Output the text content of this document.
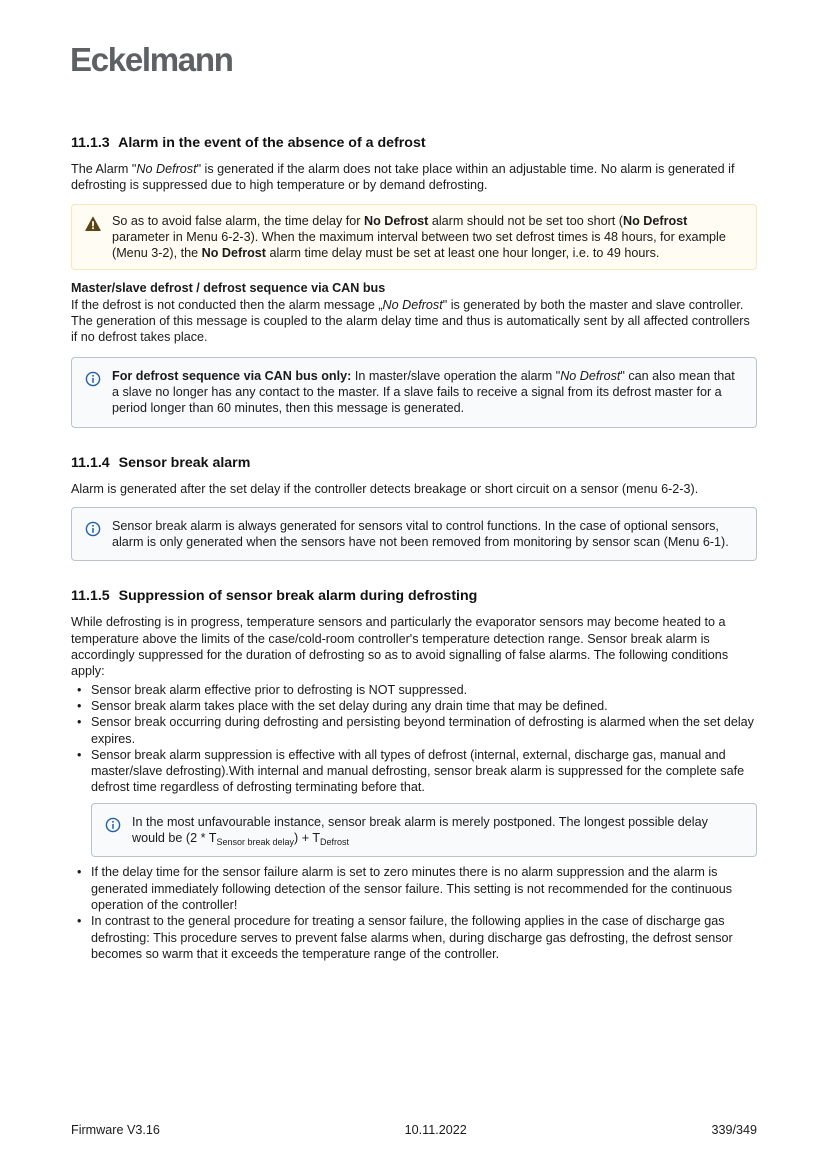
Eckelmann
11.1.3 Alarm in the event of the absence of a defrost

The Alarm "No Defrost" is generated if the alarm does not take place within an adjustable time. No alarm is generated if defrosting is suppressed due to high temperature or by demand defrosting.

So as to avoid false alarm, the time delay for No Defrost alarm should not be set too short (No Defrost parameter in Menu 6-2-3). When the maximum interval between two set defrost times is 48 hours, for example (Menu 3-2), the No Defrost alarm time delay must be set at least one hour longer, i.e. to 49 hours.

Master/slave defrost / defrost sequence via CAN bus
If the defrost is not conducted then the alarm message „No Defrost" is generated by both the master and slave controller. The generation of this message is coupled to the alarm delay time and thus is automatically sent by all affected controllers if no defrost takes place.

For defrost sequence via CAN bus only: In master/slave operation the alarm "No Defrost" can also mean that a slave no longer has any contact to the master. If a slave fails to receive a signal from its defrost master for a period longer than 60 minutes, then this message is generated.
11.1.4 Sensor break alarm

Alarm is generated after the set delay if the controller detects breakage or short circuit on a sensor (menu 6-2-3).

Sensor break alarm is always generated for sensors vital to control functions. In the case of optional sensors, alarm is only generated when the sensors have not been removed from monitoring by sensor scan (Menu 6-1).
11.1.5 Suppression of sensor break alarm during defrosting

While defrosting is in progress, temperature sensors and particularly the evaporator sensors may become heated to a temperature above the limits of the case/cold-room controller's temperature detection range. Sensor break alarm is accordingly suppressed for the duration of defrosting so as to avoid signalling of false alarms. The following conditions apply:

• Sensor break alarm effective prior to defrosting is NOT suppressed.
• Sensor break alarm takes place with the set delay during any drain time that may be defined.
• Sensor break occurring during defrosting and persisting beyond termination of defrosting is alarmed when the set delay expires.
• Sensor break alarm suppression is effective with all types of defrost (internal, external, discharge gas, manual and master/slave defrosting).With internal and manual defrosting, sensor break alarm is suppressed for the complete safe defrost time regardless of defrosting terminating before that.
In the most unfavourable instance, sensor break alarm is merely postponed. The longest possible delay would be $(2 * T_{Sensor break delay}) + T_{Defrost}$
• If the delay time for the sensor failure alarm is set to zero minutes there is no alarm suppression and the alarm is generated immediately following detection of the sensor failure. This setting is not recommended for the continuous operation of the controller!
• In contrast to the general procedure for treating a sensor failure, the following applies in the case of discharge gas defrosting: This procedure serves to prevent false alarms when, during discharge gas defrosting, the defrost sensor becomes so warm that it exceeds the temperature range of the controller.
Firmware V3.16	10.11.2022	339/349
